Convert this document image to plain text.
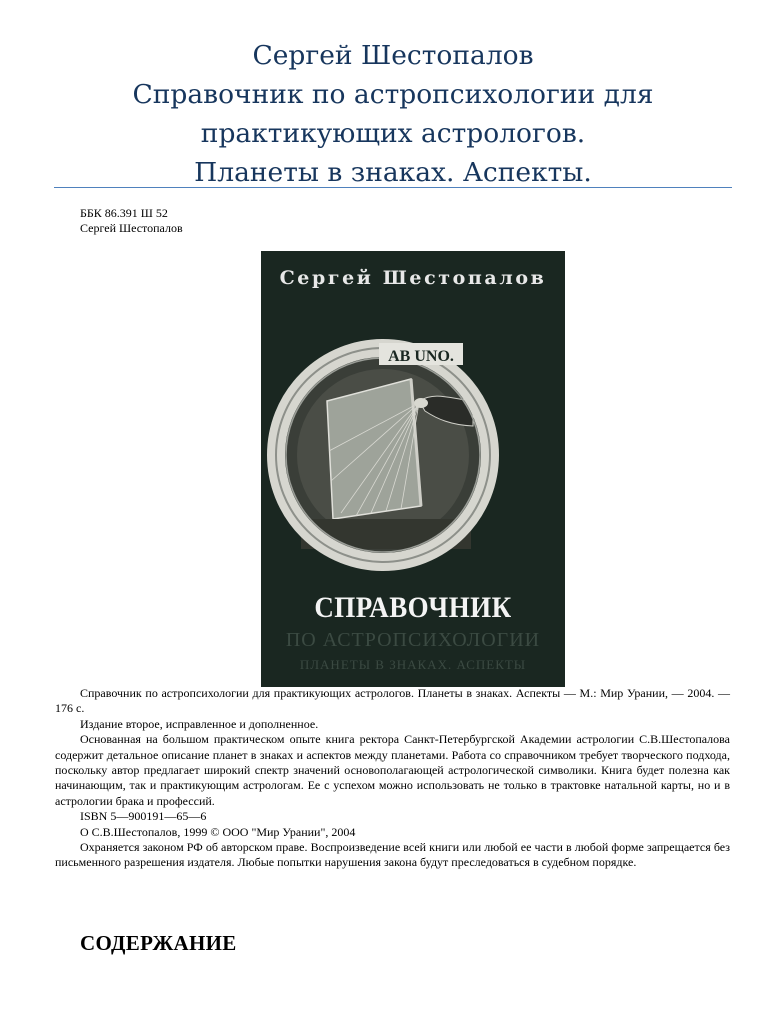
Сергей Шестопалов
Справочник по астропсихологии для
практикующих астрологов.
Планеты в знаках. Аспекты.
ББК 86.391 Ш 52
Сергей Шестопалов
AB UNO.
Сергей Шестопалов
СПРАВОЧНИК
ПО АСТРОПСИХОЛОГИИ
ПЛАНЕТЫ В ЗНАКАХ. АСПЕКТЫ

Справочник по астропсихологии для практикующих астрологов. Планеты в знаках. Аспекты — М.: Мир Урании, — 2004. — 176 с.

Издание второе, исправленное и дополненное.

Основанная на большом практическом опыте книга ректора Санкт-Петербургской Академии астрологии С.В.Шестопалова содержит детальное описание планет в знаках и аспектов между планетами. Работа со справочником требует творческого подхода, поскольку автор предлагает широкий спектр значений основополагающей астрологической символики. Книга будет полезна как начинающим, так и практикующим астрологам. Ее с успехом можно использовать не только в трактовке натальной карты, но и в астрологии брака и профессий.

ISBN 5—900191—65—6

О С.В.Шестопалов, 1999 © ООО "Мир Урании", 2004

Охраняется законом РФ об авторском праве. Воспроизведение всей книги или любой ее части в любой форме запрещается без письменного разрешения издателя. Любые попытки нарушения закона будут преследоваться в судебном порядке.

СОДЕРЖАНИЕ
